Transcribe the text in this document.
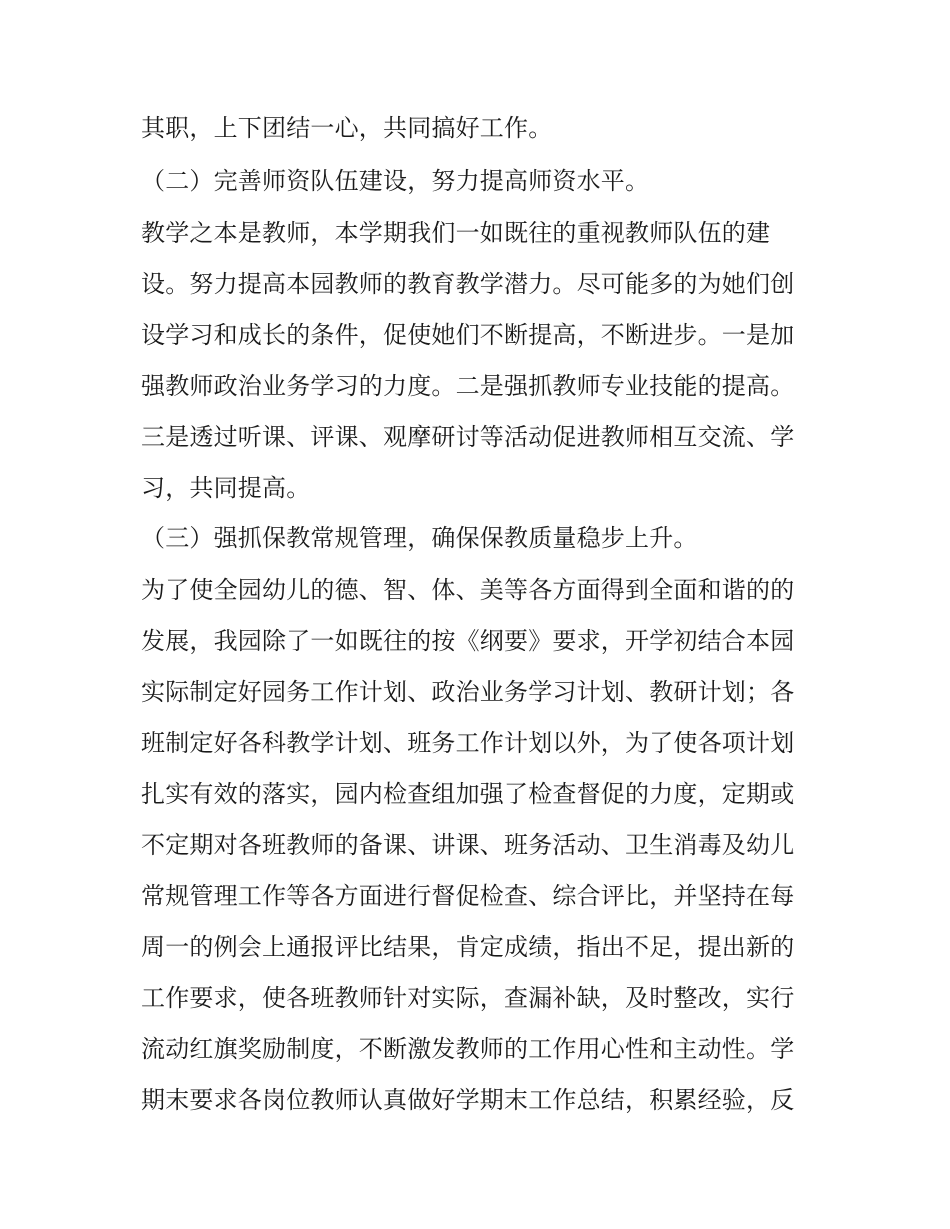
其职，上下团结一心，共同搞好工作。
（二）完善师资队伍建设，努力提高师资水平。
教学之本是教师，本学期我们一如既往的重视教师队伍的建
设。努力提高本园教师的教育教学潜力。尽可能多的为她们创
设学习和成长的条件，促使她们不断提高，不断进步。一是加
强教师政治业务学习的力度。二是强抓教师专业技能的提高。
三是透过听课、评课、观摩研讨等活动促进教师相互交流、学
习，共同提高。
（三）强抓保教常规管理，确保保教质量稳步上升。
为了使全园幼儿的德、智、体、美等各方面得到全面和谐的的
发展，我园除了一如既往的按《纲要》要求，开学初结合本园
实际制定好园务工作计划、政治业务学习计划、教研计划；各
班制定好各科教学计划、班务工作计划以外，为了使各项计划
扎实有效的落实，园内检查组加强了检查督促的力度，定期或
不定期对各班教师的备课、讲课、班务活动、卫生消毒及幼儿
常规管理工作等各方面进行督促检查、综合评比，并坚持在每
周一的例会上通报评比结果，肯定成绩，指出不足，提出新的
工作要求，使各班教师针对实际，查漏补缺，及时整改，实行
流动红旗奖励制度，不断激发教师的工作用心性和主动性。学
期末要求各岗位教师认真做好学期末工作总结，积累经验，反
